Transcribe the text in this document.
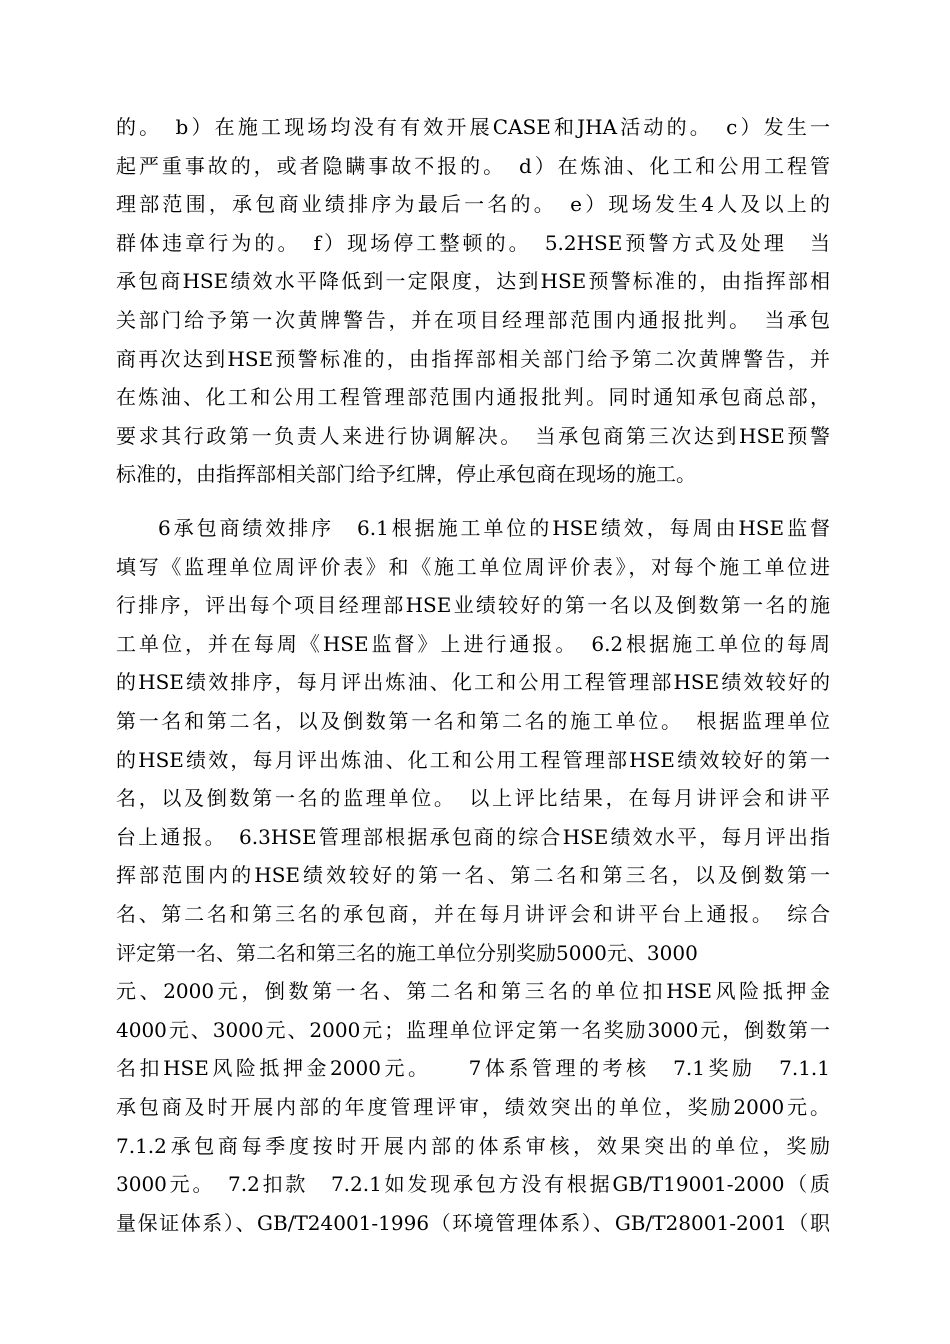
的。　b）在施工现场均没有有效开展CASE和JHA活动的。　c）发生一
起严重事故的，或者隐瞒事故不报的。　d）在炼油、化工和公用工程管
理部范围，承包商业绩排序为最后一名的。　e）现场发生4人及以上的
群体违章行为的。　f）现场停工整顿的。　5.2HSE预警方式及处理　当
承包商HSE绩效水平降低到一定限度，达到HSE预警标准的，由指挥部相
关部门给予第一次黄牌警告，并在项目经理部范围内通报批判。　当承包
商再次达到HSE预警标准的，由指挥部相关部门给予第二次黄牌警告，并
在炼油、化工和公用工程管理部范围内通报批判。同时通知承包商总部，
要求其行政第一负责人来进行协调解决。　当承包商第三次达到HSE预警
标准的，由指挥部相关部门给予红牌，停止承包商在现场的施工。
6承包商绩效排序　6.1根据施工单位的HSE绩效，每周由HSE监督
填写《监理单位周评价表》和《施工单位周评价表》，对每个施工单位进
行排序，评出每个项目经理部HSE业绩较好的第一名以及倒数第一名的施
工单位，并在每周《HSE监督》上进行通报。　6.2根据施工单位的每周
的HSE绩效排序，每月评出炼油、化工和公用工程管理部HSE绩效较好的
第一名和第二名，以及倒数第一名和第二名的施工单位。　根据监理单位
的HSE绩效，每月评出炼油、化工和公用工程管理部HSE绩效较好的第一
名，以及倒数第一名的监理单位。　以上评比结果，在每月讲评会和讲平
台上通报。　6.3HSE管理部根据承包商的综合HSE绩效水平，每月评出指
挥部范围内的HSE绩效较好的第一名、第二名和第三名，以及倒数第一
名、第二名和第三名的承包商，并在每月讲评会和讲平台上通报。　综合
评定第一名、第二名和第三名的施工单位分别奖励5000元、3000
元、2000元，倒数第一名、第二名和第三名的单位扣HSE风险抵押金
4000元、3000元、2000元；监理单位评定第一名奖励3000元，倒数第一
名扣HSE风险抵押金2000元。　　7体系管理的考核　7.1奖励　7.1.1
承包商及时开展内部的年度管理评审，绩效突出的单位，奖励2000元。
7.1.2承包商每季度按时开展内部的体系审核，效果突出的单位，奖励
3000元。　7.2扣款　7.2.1如发现承包方没有根据GB/T19001-2000（质
量保证体系）、GB/T24001-1996（环境管理体系）、GB/T28001-2001（职
